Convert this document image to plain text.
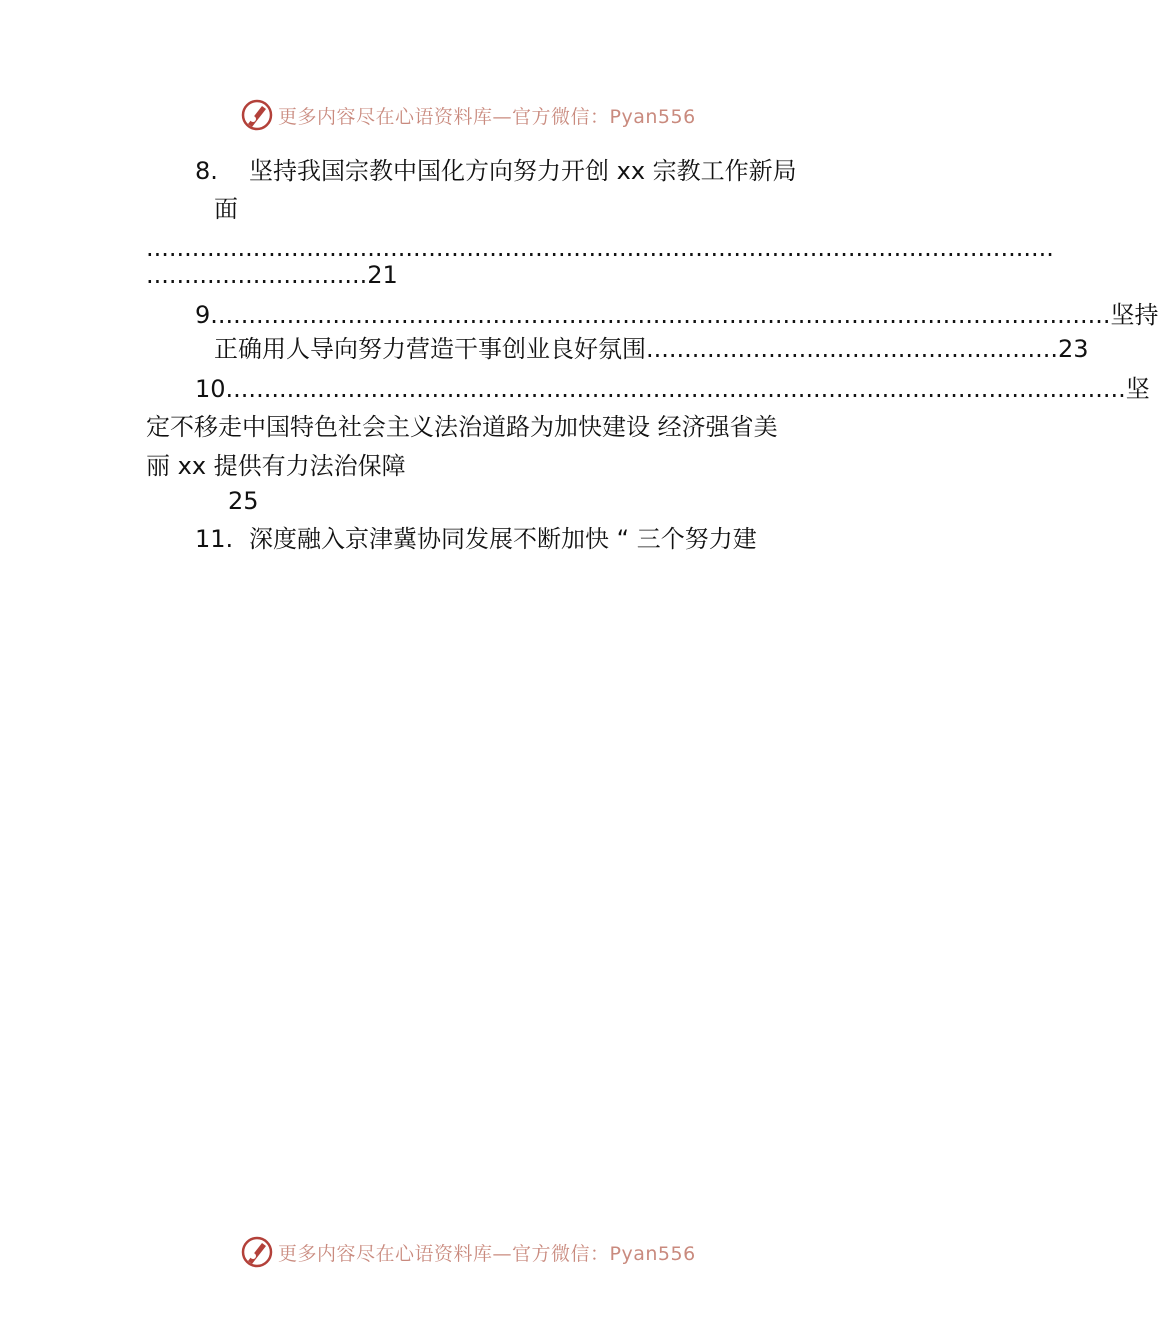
更多内容尽在心语资料库—官方微信：Pyan556
8. 坚持我国宗教中国化方向努力开创 xx 宗教工作新局
面
.......................................................................................................................
.............................21
9 ...................................................................................................................... 坚持
正确用人导向努力营造干事创业良好氛围 ...................................................... 23
10 ...................................................................................................................... 坚
定不移走中国特色社会主义法治道路为加快建设 经济强省美
丽 xx 提供有力法治保障
25
11. 深度融入京津冀协同发展不断加快 “ 三个努力建
更多内容尽在心语资料库—官方微信：Pyan556
